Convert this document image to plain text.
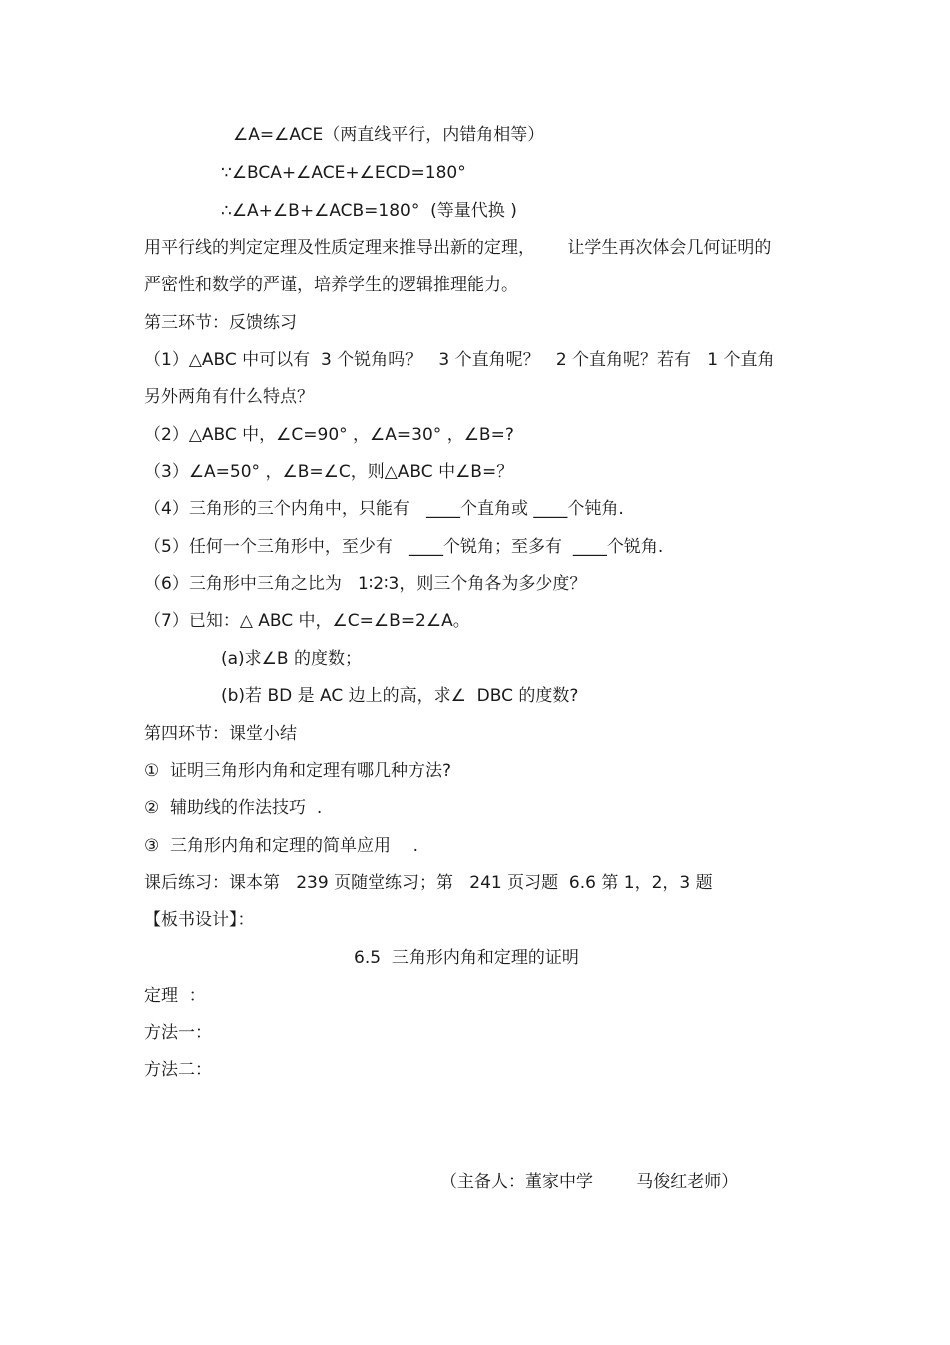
∠A=∠ACE（两直线平行，内错角相等）
∵∠BCA+∠ACE+∠ECD=180°
∴∠A+∠B+∠ACB=180°  (等量代换 )
用平行线的判定定理及性质定理来推导出新的定理，      让学生再次体会几何证明的
严密性和数学的严谨，培养学生的逻辑推理能力。
第三环节：反馈练习
（1）△ABC 中可以有  3 个锐角吗？   3 个直角呢？   2 个直角呢？若有   1 个直角
另外两角有什么特点？
（2）△ABC 中，∠C=90° ，∠A=30° ，∠B=?
（3）∠A=50° ，∠B=∠C，则△ABC 中∠B=？
（4）三角形的三个内角中，只能有   ____个直角或 ____个钝角.
（5）任何一个三角形中，至少有   ____个锐角；至多有  ____个锐角.
（6）三角形中三角之比为   1∶2∶3，则三个角各为多少度？
（7）已知：△ ABC 中，∠C=∠B=2∠A。
(a)求∠B 的度数；
(b)若 BD 是 AC 边上的高，求∠  DBC 的度数?
第四环节：课堂小结
①  证明三角形内角和定理有哪几种方法?
②  辅助线的作法技巧  .
③  三角形内角和定理的简单应用    .
课后练习：课本第   239 页随堂练习；第   241 页习题  6.6 第 1，2，3 题
【板书设计】：
6.5  三角形内角和定理的证明
定理  ：
方法一：
方法二：
（主备人：董家中学        马俊红老师）
